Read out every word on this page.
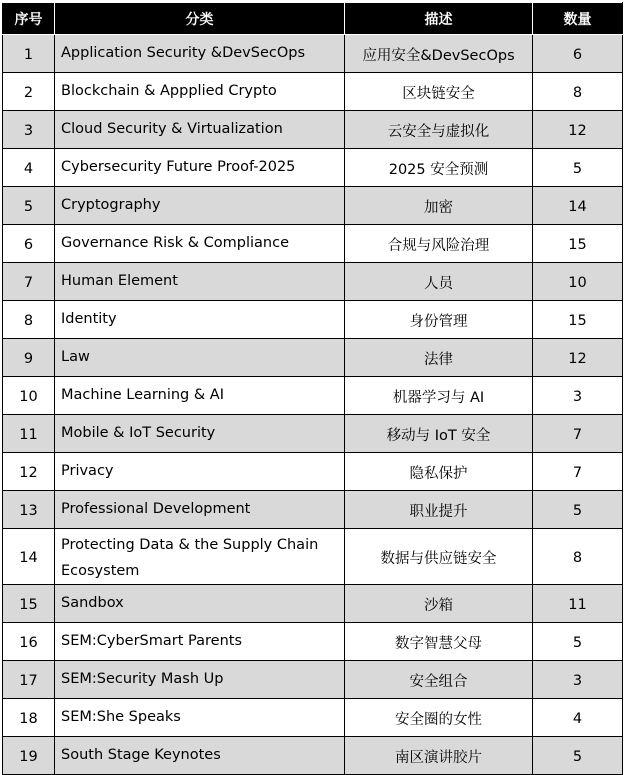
序号	分类	描述	数量
1	Application Security &DevSecOps	应用安全&DevSecOps	6
2	Blockchain & Appplied Crypto	区块链安全	8
3	Cloud Security & Virtualization	云安全与虚拟化	12
4	Cybersecurity Future Proof-2025	2025 安全预测	5
5	Cryptography	加密	14
6	Governance Risk & Compliance	合规与风险治理	15
7	Human Element	人员	10
8	Identity	身份管理	15
9	Law	法律	12
10	Machine Learning & AI	机器学习与 AI	3
11	Mobile & IoT Security	移动与 IoT 安全	7
12	Privacy	隐私保护	7
13	Professional Development	职业提升	5
14	Protecting Data & the Supply Chain Ecosystem	数据与供应链安全	8
15	Sandbox	沙箱	11
16	SEM:CyberSmart Parents	数字智慧父母	5
17	SEM:Security Mash Up	安全组合	3
18	SEM:She Speaks	安全圈的女性	4
19	South Stage Keynotes	南区演讲胶片	5
